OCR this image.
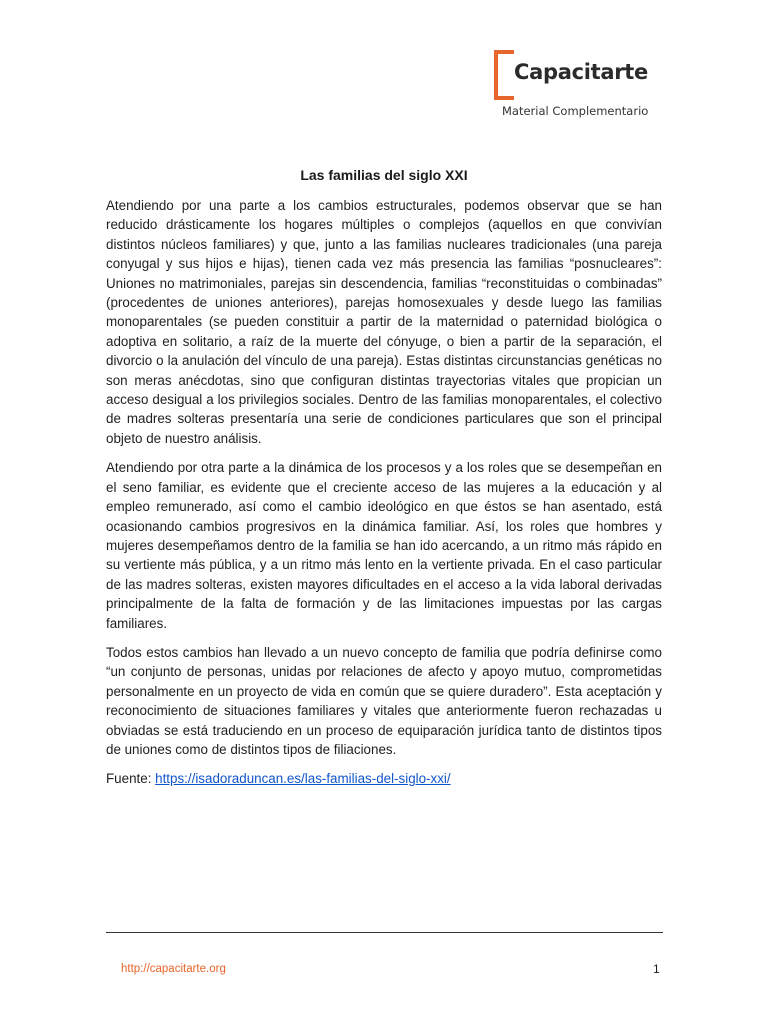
Capacitarte
Material Complementario
Las familias del siglo XXI

Atendiendo por una parte a los cambios estructurales, podemos observar que se han reducido drásticamente los hogares múltiples o complejos (aquellos en que convivían distintos núcleos familiares) y que, junto a las familias nucleares tradicionales (una pareja conyugal y sus hijos e hijas), tienen cada vez más presencia las familias “posnucleares”: Uniones no matrimoniales, parejas sin descendencia, familias “reconstituidas o combinadas” (procedentes de uniones anteriores), parejas homosexuales y desde luego las familias monoparentales (se pueden constituir a partir de la maternidad o paternidad biológica o adoptiva en solitario, a raíz de la muerte del cónyuge, o bien a partir de la separación, el divorcio o la anulación del vínculo de una pareja). Estas distintas circunstancias genéticas no son meras anécdotas, sino que configuran distintas trayectorias vitales que propician un acceso desigual a los privilegios sociales. Dentro de las familias monoparentales, el colectivo de madres solteras presentaría una serie de condiciones particulares que son el principal objeto de nuestro análisis.

Atendiendo por otra parte a la dinámica de los procesos y a los roles que se desempeñan en el seno familiar, es evidente que el creciente acceso de las mujeres a la educación y al empleo remunerado, así como el cambio ideológico en que éstos se han asentado, está ocasionando cambios progresivos en la dinámica familiar. Así, los roles que hombres y mujeres desempeñamos dentro de la familia se han ido acercando, a un ritmo más rápido en su vertiente más pública, y a un ritmo más lento en la vertiente privada. En el caso particular de las madres solteras, existen mayores dificultades en el acceso a la vida laboral derivadas principalmente de la falta de formación y de las limitaciones impuestas por las cargas familiares.

Todos estos cambios han llevado a un nuevo concepto de familia que podría definirse como “un conjunto de personas, unidas por relaciones de afecto y apoyo mutuo, comprometidas personalmente en un proyecto de vida en común que se quiere duradero”. Esta aceptación y reconocimiento de situaciones familiares y vitales que anteriormente fueron rechazadas u obviadas se está traduciendo en un proceso de equiparación jurídica tanto de distintos tipos de uniones como de distintos tipos de filiaciones.

Fuente: https://isadoraduncan.es/las-familias-del-siglo-xxi/

http://capacitarte.org	1
